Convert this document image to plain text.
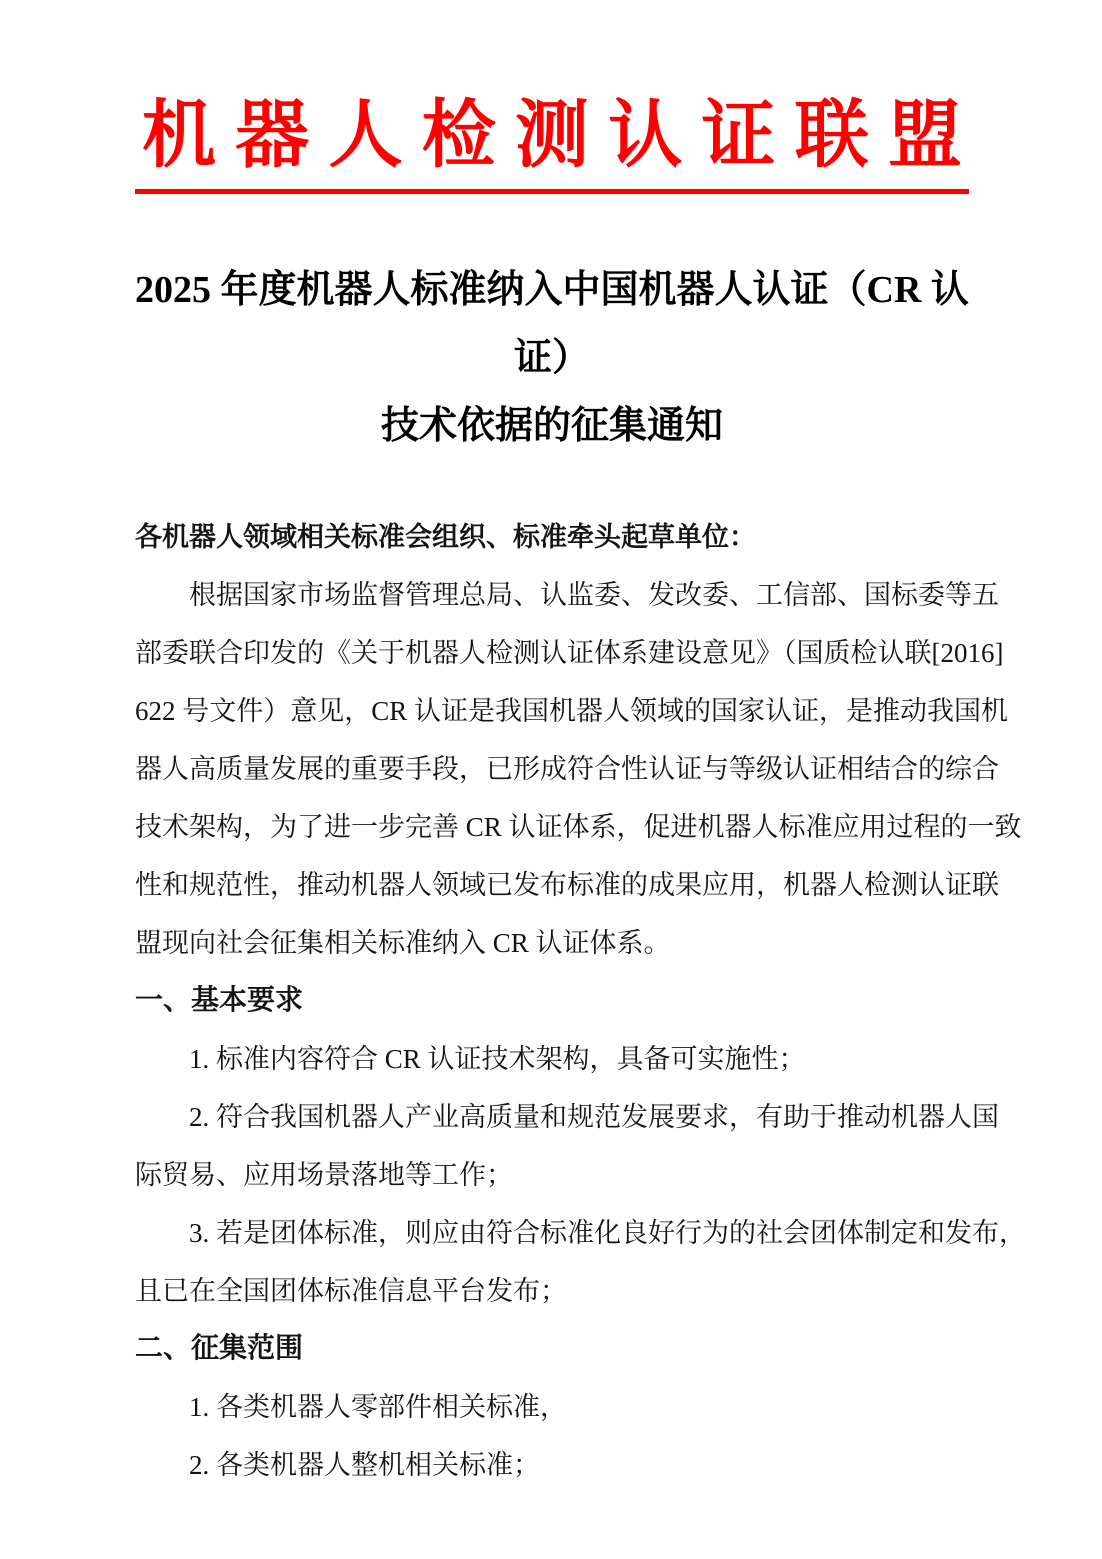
机器人检测认证联盟
2025 年度机器人标准纳入中国机器人认证（CR 认证）
技术依据的征集通知
各机器人领域相关标准会组织、标准牵头起草单位：
根据国家市场监督管理总局、认监委、发改委、工信部、国标委等五
部委联合印发的《关于机器人检测认证体系建设意见》（国质检认联[2016]
622 号文件）意见，CR 认证是我国机器人领域的国家认证，是推动我国机
器人高质量发展的重要手段，已形成符合性认证与等级认证相结合的综合
技术架构，为了进一步完善 CR 认证体系，促进机器人标准应用过程的一致
性和规范性，推动机器人领域已发布标准的成果应用，机器人检测认证联
盟现向社会征集相关标准纳入 CR 认证体系。
一、基本要求
1. 标准内容符合 CR 认证技术架构，具备可实施性；
2. 符合我国机器人产业高质量和规范发展要求，有助于推动机器人国
际贸易、应用场景落地等工作；
3. 若是团体标准，则应由符合标准化良好行为的社会团体制定和发布，
且已在全国团体标准信息平台发布；
二、征集范围
1. 各类机器人零部件相关标准，
2. 各类机器人整机相关标准；
